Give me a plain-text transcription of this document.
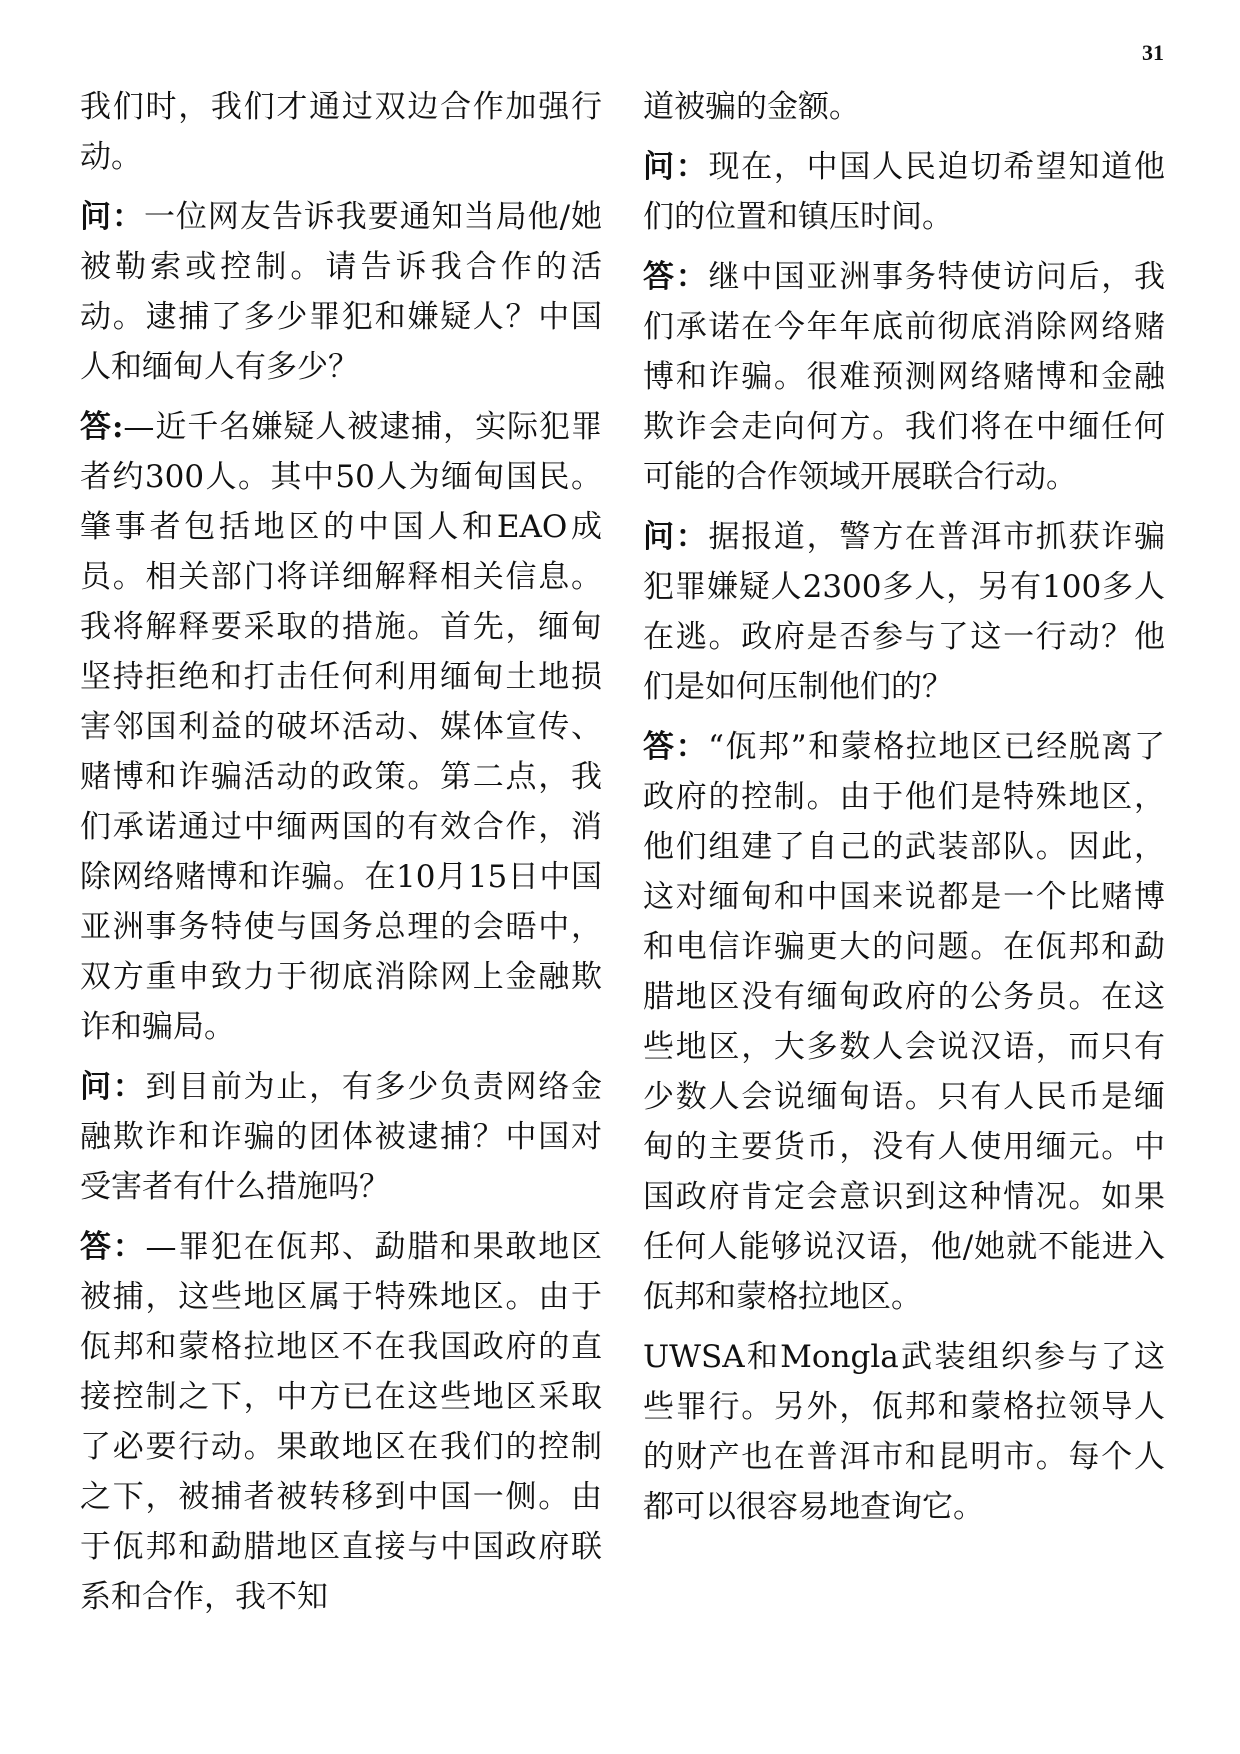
31

我们时，我们才通过双边合作加强行动。

问：一位网友告诉我要通知当局他/她被勒索或控制。请告诉我合作的活动。逮捕了多少罪犯和嫌疑人？中国人和缅甸人有多少？

答:—近千名嫌疑人被逮捕，实际犯罪者约300人。其中50人为缅甸国民。肇事者包括地区的中国人和EAO成员。相关部门将详细解释相关信息。我将解释要采取的措施。首先，缅甸坚持拒绝和打击任何利用缅甸土地损害邻国利益的破坏活动、媒体宣传、赌博和诈骗活动的政策。第二点，我们承诺通过中缅两国的有效合作，消除网络赌博和诈骗。在10月15日中国亚洲事务特使与国务总理的会晤中，双方重申致力于彻底消除网上金融欺诈和骗局。

问：到目前为止，有多少负责网络金融欺诈和诈骗的团体被逮捕？中国对受害者有什么措施吗？

答：—罪犯在佤邦、勐腊和果敢地区被捕，这些地区属于特殊地区。由于佤邦和蒙格拉地区不在我国政府的直接控制之下，中方已在这些地区采取了必要行动。果敢地区在我们的控制之下，被捕者被转移到中国一侧。由于佤邦和勐腊地区直接与中国政府联系和合作，我不知

道被骗的金额。

问：现在，中国人民迫切希望知道他们的位置和镇压时间。

答：继中国亚洲事务特使访问后，我们承诺在今年年底前彻底消除网络赌博和诈骗。很难预测网络赌博和金融欺诈会走向何方。我们将在中缅任何可能的合作领域开展联合行动。

问：据报道，警方在普洱市抓获诈骗犯罪嫌疑人2300多人，另有100多人在逃。政府是否参与了这一行动？他们是如何压制他们的？

答：“佤邦”和蒙格拉地区已经脱离了政府的控制。由于他们是特殊地区，他们组建了自己的武装部队。因此，这对缅甸和中国来说都是一个比赌博和电信诈骗更大的问题。在佤邦和勐腊地区没有缅甸政府的公务员。在这些地区，大多数人会说汉语，而只有少数人会说缅甸语。只有人民币是缅甸的主要货币，没有人使用缅元。中国政府肯定会意识到这种情况。如果任何人能够说汉语，他/她就不能进入佤邦和蒙格拉地区。

UWSA和Mongla武装组织参与了这些罪行。另外，佤邦和蒙格拉领导人的财产也在普洱市和昆明市。每个人都可以很容易地查询它。
